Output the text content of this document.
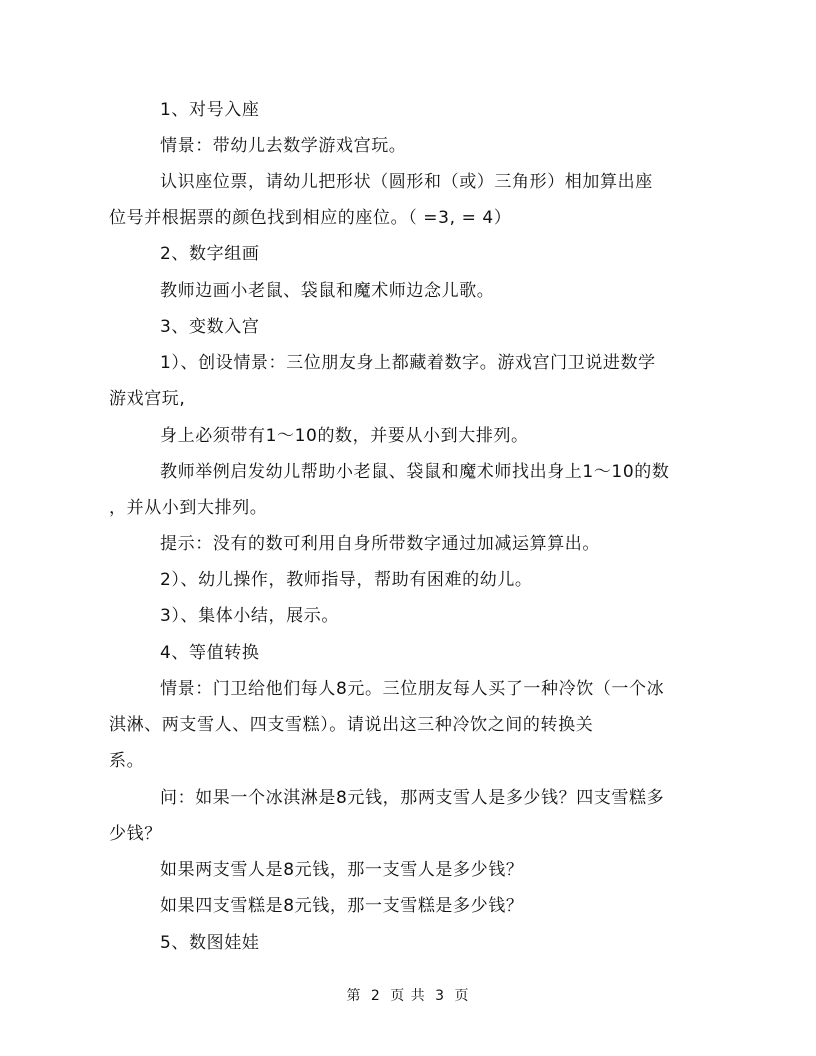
1、对号入座
情景：带幼儿去数学游戏宫玩。
认识座位票，请幼儿把形状（圆形和（或）三角形）相加算出座
位号并根据票的颜色找到相应的座位。（ =3, = 4）
2、数字组画
教师边画小老鼠、袋鼠和魔术师边念儿歌。
3、变数入宫
1）、创设情景：三位朋友身上都藏着数字。游戏宫门卫说进数学
游戏宫玩,
身上必须带有1～10的数，并要从小到大排列。
教师举例启发幼儿帮助小老鼠、袋鼠和魔术师找出身上1～10的数
，并从小到大排列。
提示：没有的数可利用自身所带数字通过加减运算算出。
2）、幼儿操作，教师指导，帮助有困难的幼儿。
3）、集体小结，展示。
4、等值转换
情景：门卫给他们每人8元。三位朋友每人买了一种冷饮（一个冰
淇淋、两支雪人、四支雪糕）。请说出这三种冷饮之间的转换关
系。
问：如果一个冰淇淋是8元钱，那两支雪人是多少钱？四支雪糕多
少钱？
如果两支雪人是8元钱，那一支雪人是多少钱？
如果四支雪糕是8元钱，那一支雪糕是多少钱？
5、数图娃娃
第 2 页 共 3 页
